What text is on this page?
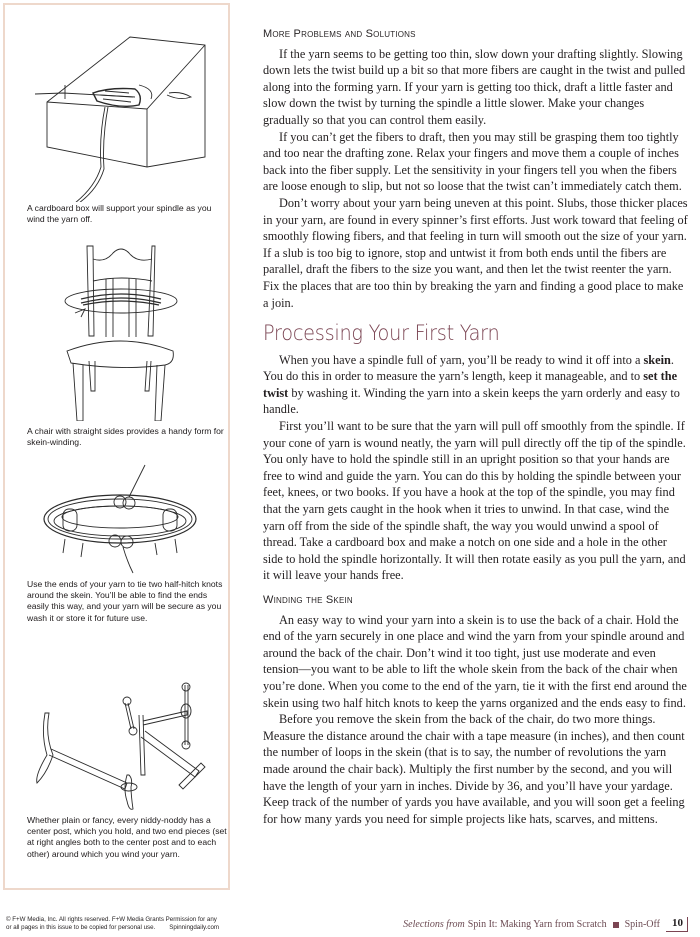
A cardboard box will support your spindle as you wind the yarn off.
A chair with straight sides provides a handy form for skein-winding.
Use the ends of your yarn to tie two half-hitch knots around the skein. You’ll be able to find the ends easily this way, and your yarn will be secure as you wash it or store it for future use.
Whether plain or fancy, every niddy-noddy has a center post, which you hold, and two end pieces (set at right angles both to the center post and to each other) around which you wind your yarn.
More Problems and Solutions

If the yarn seems to be getting too thin, slow down your drafting slightly. Slowing down lets the twist build up a bit so that more fibers are caught in the twist and pulled along into the forming yarn. If your yarn is getting too thick, draft a little faster and slow down the twist by turning the spindle a little slower. Make your changes gradually so that you can control them easily.

If you can’t get the fibers to draft, then you may still be grasping them too tightly and too near the drafting zone. Relax your fingers and move them a couple of inches back into the fiber supply. Let the sensitivity in your fingers tell you when the fibers are loose enough to slip, but not so loose that the twist can’t immediately catch them.

Don’t worry about your yarn being uneven at this point. Slubs, those thicker places in your yarn, are found in every spinner’s first efforts. Just work toward that feeling of smoothly flowing fibers, and that feeling in turn will smooth out the size of your yarn. If a slub is too big to ignore, stop and untwist it from both ends until the fibers are parallel, draft the fibers to the size you want, and then let the twist reenter the yarn. Fix the places that are too thin by breaking the yarn and finding a good place to make a join.

Processing Your First Yarn

When you have a spindle full of yarn, you’ll be ready to wind it off into a skein. You do this in order to measure the yarn’s length, keep it manageable, and to set the twist by washing it. Winding the yarn into a skein keeps the yarn orderly and easy to handle.

First you’ll want to be sure that the yarn will pull off smoothly from the spindle. If your cone of yarn is wound neatly, the yarn will pull directly off the tip of the spindle. You only have to hold the spindle still in an upright position so that your hands are free to wind and guide the yarn. You can do this by holding the spindle between your feet, knees, or two books. If you have a hook at the top of the spindle, you may find that the yarn gets caught in the hook when it tries to unwind. In that case, wind the yarn off from the side of the spindle shaft, the way you would unwind a spool of thread. Take a cardboard box and make a notch on one side and a hole in the other side to hold the spindle horizontally. It will then rotate easily as you pull the yarn, and it will leave your hands free.

Winding the Skein

An easy way to wind your yarn into a skein is to use the back of a chair. Hold the end of the yarn securely in one place and wind the yarn from your spindle around and around the back of the chair. Don’t wind it too tight, just use moderate and even tension—you want to be able to lift the whole skein from the back of the chair when you’re done. When you come to the end of the yarn, tie it with the first end around the skein using two half hitch knots to keep the yarns organized and the ends easy to find.

Before you remove the skein from the back of the chair, do two more things. Measure the distance around the chair with a tape measure (in inches), and then count the number of loops in the skein (that is to say, the number of revolutions the yarn made around the chair back). Multiply the first number by the second, and you will have the length of your yarn in inches. Divide by 36, and you’ll have your yardage. Keep track of the number of yards you have available, and you will soon get a feeling for how many yards you need for simple projects like hats, scarves, and mittens.

© F+W Media, Inc. All rights reserved. F+W Media Grants Permission for any
or all pages in this issue to be copied for personal use. Spinningdaily.com	Selections from Spin It: Making Yarn from Scratch Spin-Off	10
